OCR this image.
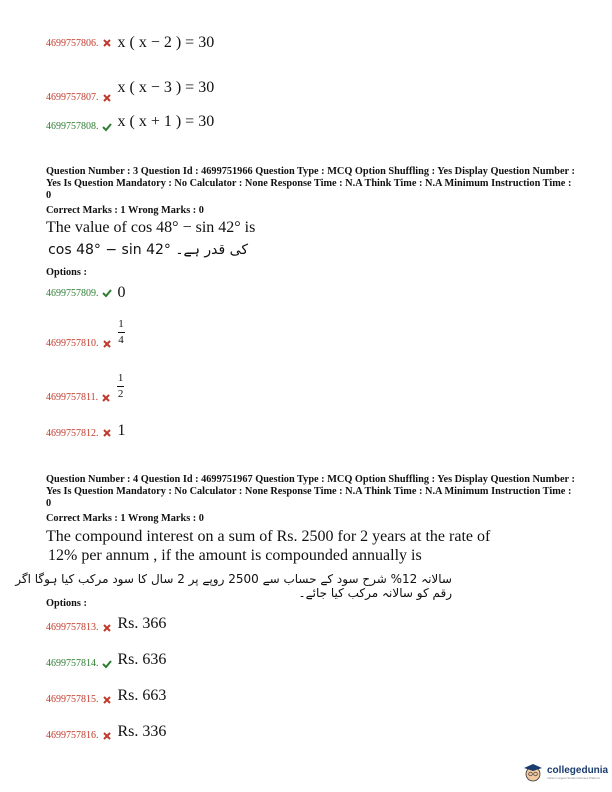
4699757806. x ( x − 2 ) = 30
4699757807.
x ( x − 3 ) = 30
4699757808. x ( x + 1 ) = 30
Question Number : 3 Question Id : 4699751966 Question Type : MCQ Option Shuffling : Yes Display Question Number : Yes Is Question Mandatory : No Calculator : None Response Time : N.A Think Time : N.A Minimum Instruction Time : 0
Correct Marks : 1 Wrong Marks : 0
The value of cos 48° − sin 42° is
cos 48° − sin 42° کی قدر ہے۔
Options :
4699757809. 0
4699757810. $\frac{1}{4}$
4699757811. $\frac{1}{2}$
4699757812. 1
Question Number : 4 Question Id : 4699751967 Question Type : MCQ Option Shuffling : Yes Display Question Number : Yes Is Question Mandatory : No Calculator : None Response Time : N.A Think Time : N.A Minimum Instruction Time : 0
Correct Marks : 1 Wrong Marks : 0
The compound interest on a sum of Rs. 2500 for 2 years at the rate of
12% per annum , if the amount is compounded annually is
سالانہ 12% شرح سود کے حساب سے 2500 روپے پر 2 سال کا سود مرکب کیا ہوگا اگر رقم کو سالانہ مرکب کیا جائے۔
Options :
4699757813. Rs. 366
4699757814. Rs. 636
4699757815. Rs. 663
4699757816. Rs. 336
collegedunia
India's Largest Student Review Platform
